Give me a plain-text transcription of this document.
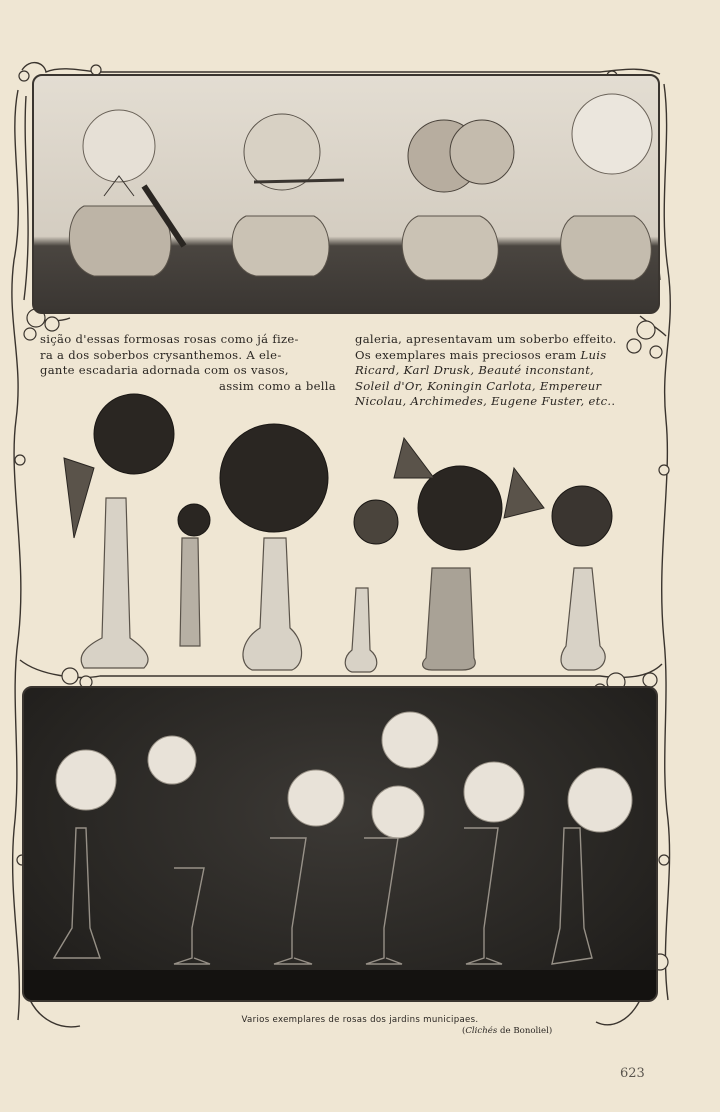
sição d'essas formosas rosas como já fize-
ra a dos soberbos crysanthemos. A ele-
gante escadaria adornada com os vasos,
assim como a bella
galeria, apresentavam um soberbo effeito.
Os exemplares mais preciosos eram Luis Ricard, Karl Drusk, Beauté inconstant, Soleil d'Or, Koningin Carlota, Empereur Nicolau, Archimedes, Eugene Fuster, etc..
Varios exemplares de rosas dos jardins municipaes.
(Clichés de Bonoliel)
623
